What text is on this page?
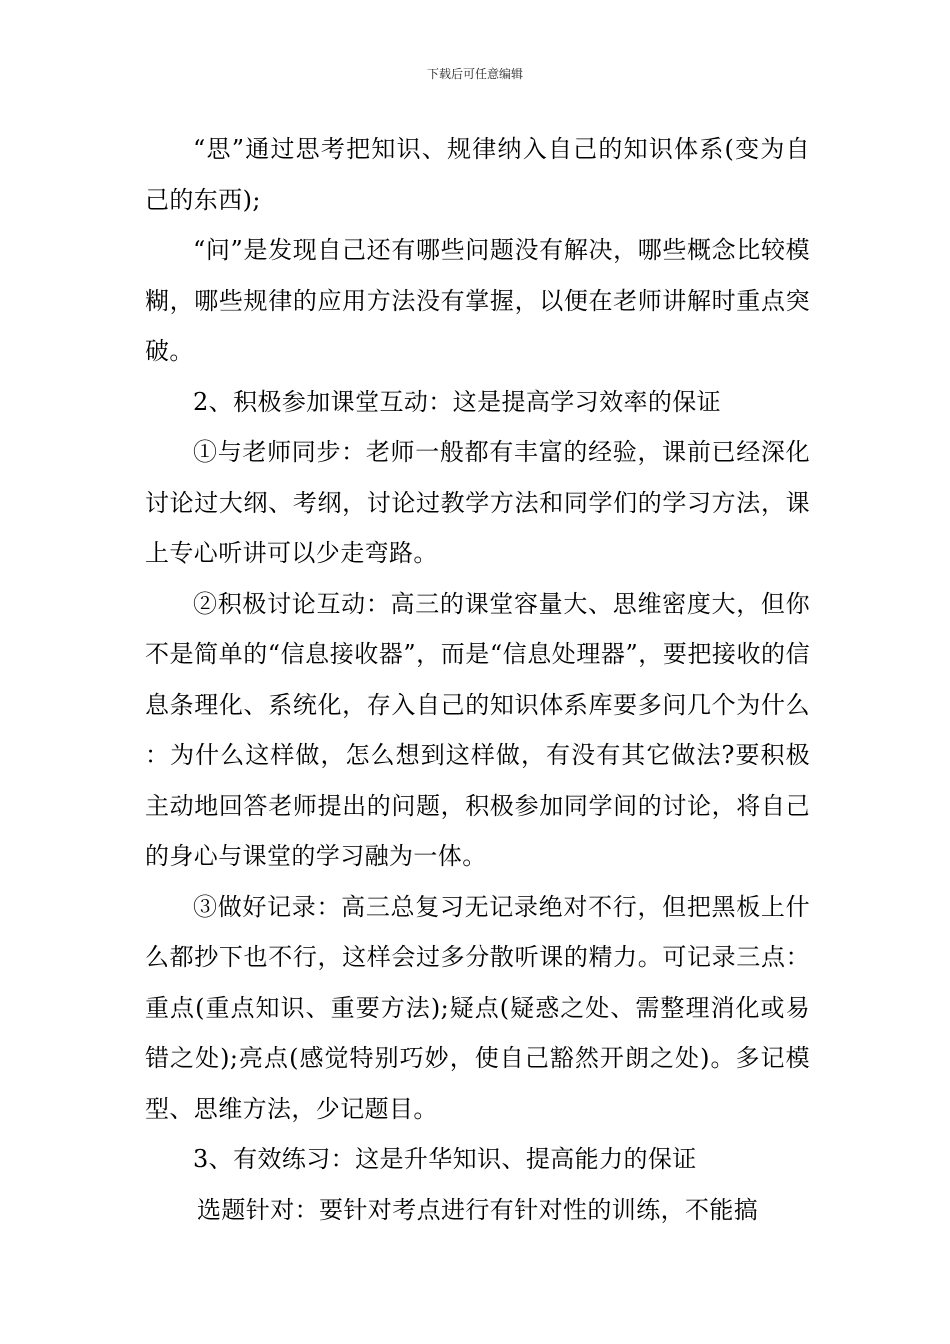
下载后可任意编辑

“思”通过思考把知识、规律纳入自己的知识体系(变为自己的东西);

“问”是发现自己还有哪些问题没有解决，哪些概念比较模糊，哪些规律的应用方法没有掌握，以便在老师讲解时重点突破。

2、积极参加课堂互动：这是提高学习效率的保证

①与老师同步：老师一般都有丰富的经验，课前已经深化讨论过大纲、考纲，讨论过教学方法和同学们的学习方法，课上专心听讲可以少走弯路。

②积极讨论互动：高三的课堂容量大、思维密度大，但你不是简单的“信息接收器”，而是“信息处理器”，要把接收的信息条理化、系统化，存入自己的知识体系库要多问几个为什么：为什么这样做，怎么想到这样做，有没有其它做法?要积极主动地回答老师提出的问题，积极参加同学间的讨论，将自己的身心与课堂的学习融为一体。

③做好记录：高三总复习无记录绝对不行，但把黑板上什么都抄下也不行，这样会过多分散听课的精力。可记录三点：重点(重点知识、重要方法);疑点(疑惑之处、需整理消化或易错之处);亮点(感觉特别巧妙，使自己豁然开朗之处)。多记模型、思维方法，少记题目。

3、有效练习：这是升华知识、提高能力的保证

选题针对：要针对考点进行有针对性的训练，不能搞
